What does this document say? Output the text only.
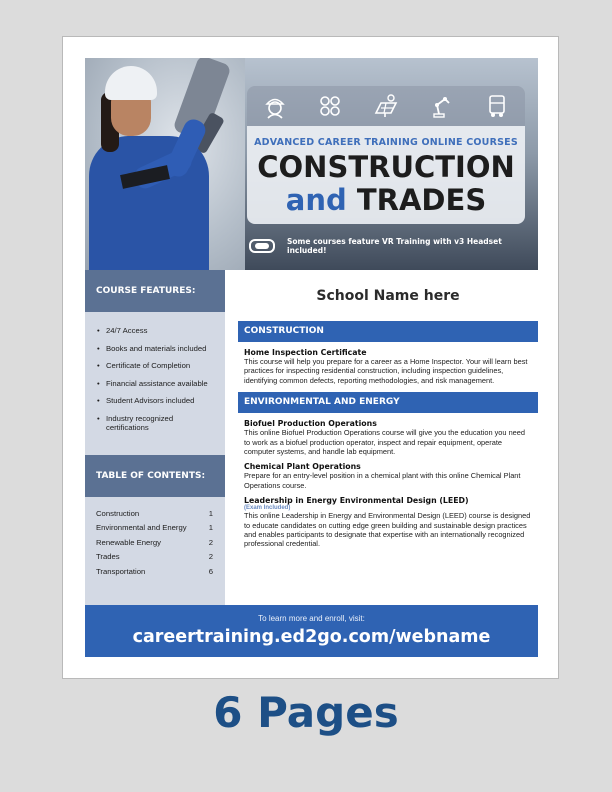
ADVANCED CAREER TRAINING ONLINE COURSES
CONSTRUCTION
and TRADES
Some courses feature VR Training with v3 Headset included!
COURSE FEATURES:
• 24/7 Access
• Books and materials included
• Certificate of Completion
• Financial assistance available
• Student Advisors included
• Industry recognized certifications
TABLE OF CONTENTS:
Construction	1
Environmental and Energy	1
Renewable Energy	2
Trades	2
Transportation	6
School Name here
CONSTRUCTION
Home Inspection Certificate
This course will help you prepare for a career as a Home Inspector. Your will learn best practices for inspecting residential construction, including inspection guidelines, identifying common defects, reporting methodologies, and risk management.
ENVIRONMENTAL AND ENERGY
Biofuel Production Operations
This online Biofuel Production Operations course will give you the education you need to work as a biofuel production operator, inspect and repair equipment, operate computer systems, and handle lab equipment.
Chemical Plant Operations
Prepare for an entry-level position in a chemical plant with this online Chemical Plant Operations course.
Leadership in Energy Environmental Design (LEED)
(Exam Included)
This online Leadership in Energy and Environmental Design (LEED) course is designed to educate candidates on cutting edge green building and sustainable design practices and enables participants to designate that expertise with an internationally recognized professional credential.
To learn more and enroll, visit:
careertraining.ed2go.com/webname
6 Pages
